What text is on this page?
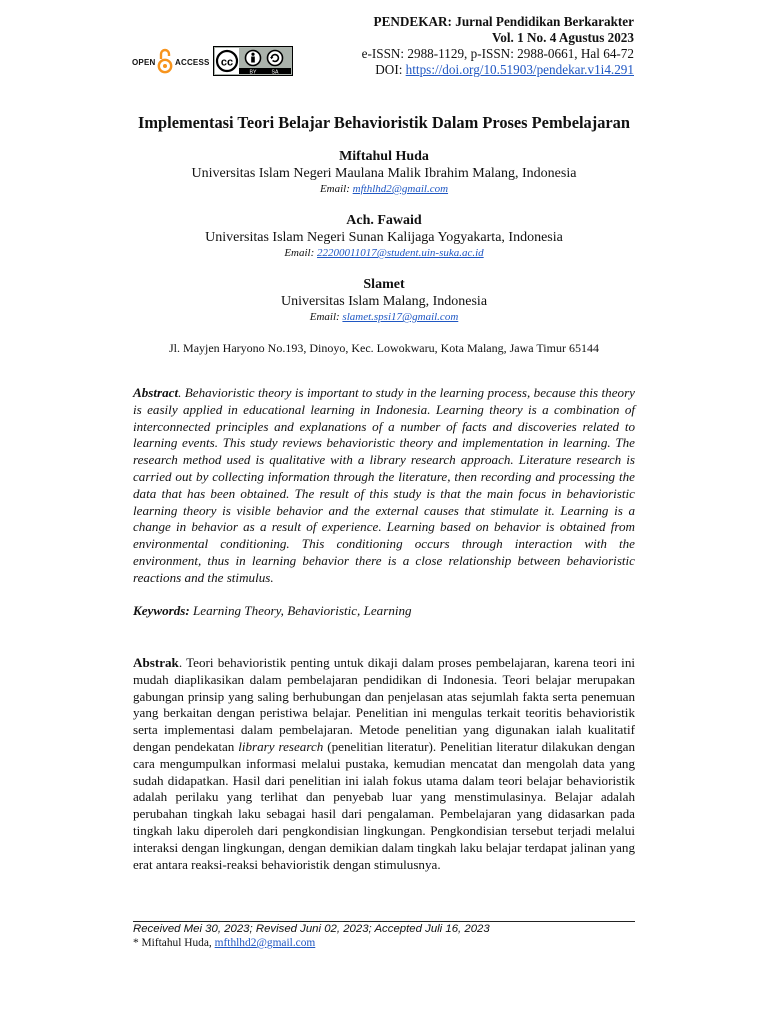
OPEN ACCESS cc
BY	SA
PENDEKAR: Jurnal Pendidikan Berkarakter
Vol. 1 No. 4 Agustus 2023
e-ISSN: 2988-1129, p-ISSN: 2988-0661, Hal 64-72
DOI: https://doi.org/10.51903/pendekar.v1i4.291
Implementasi Teori Belajar Behavioristik Dalam Proses Pembelajaran
Miftahul Huda
Universitas Islam Negeri Maulana Malik Ibrahim Malang, Indonesia
Email: mfthlhd2@gmail.com
Ach. Fawaid
Universitas Islam Negeri Sunan Kalijaga Yogyakarta, Indonesia
Email: 22200011017@student.uin-suka.ac.id
Slamet
Universitas Islam Malang, Indonesia
Email: slamet.spsi17@gmail.com
Jl. Mayjen Haryono No.193, Dinoyo, Kec. Lowokwaru, Kota Malang, Jawa Timur 65144
Abstract. Behavioristic theory is important to study in the learning process, because this theory is easily applied in educational learning in Indonesia. Learning theory is a combination of interconnected principles and explanations of a number of facts and discoveries related to learning events. This study reviews behavioristic theory and implementation in learning. The research method used is qualitative with a library research approach. Literature research is carried out by collecting information through the literature, then recording and processing the data that has been obtained. The result of this study is that the main focus in behavioristic learning theory is visible behavior and the external causes that stimulate it. Learning is a change in behavior as a result of experience. Learning based on behavior is obtained from environmental conditioning. This conditioning occurs through interaction with the environment, thus in learning behavior there is a close relationship between behavioristic reactions and the stimulus.
Keywords: Learning Theory, Behavioristic, Learning
Abstrak. Teori behavioristik penting untuk dikaji dalam proses pembelajaran, karena teori ini mudah diaplikasikan dalam pembelajaran pendidikan di Indonesia. Teori belajar merupakan gabungan prinsip yang saling berhubungan dan penjelasan atas sejumlah fakta serta penemuan yang berkaitan dengan peristiwa belajar. Penelitian ini mengulas terkait teoritis behavioristik serta implementasi dalam pembelajaran. Metode penelitian yang digunakan ialah kualitatif dengan pendekatan library research (penelitian literatur). Penelitian literatur dilakukan dengan cara mengumpulkan informasi melalui pustaka, kemudian mencatat dan mengolah data yang sudah didapatkan. Hasil dari penelitian ini ialah fokus utama dalam teori belajar behavioristik adalah perilaku yang terlihat dan penyebab luar yang menstimulasinya. Belajar adalah perubahan tingkah laku sebagai hasil dari pengalaman. Pembelajaran yang didasarkan pada tingkah laku diperoleh dari pengkondisian lingkungan. Pengkondisian tersebut terjadi melalui interaksi dengan lingkungan, dengan demikian dalam tingkah laku belajar terdapat jalinan yang erat antara reaksi-reaksi behavioristik dengan stimulusnya.
Received Mei 30, 2023; Revised Juni 02, 2023; Accepted Juli 16, 2023
* Miftahul Huda, mfthlhd2@gmail.com
